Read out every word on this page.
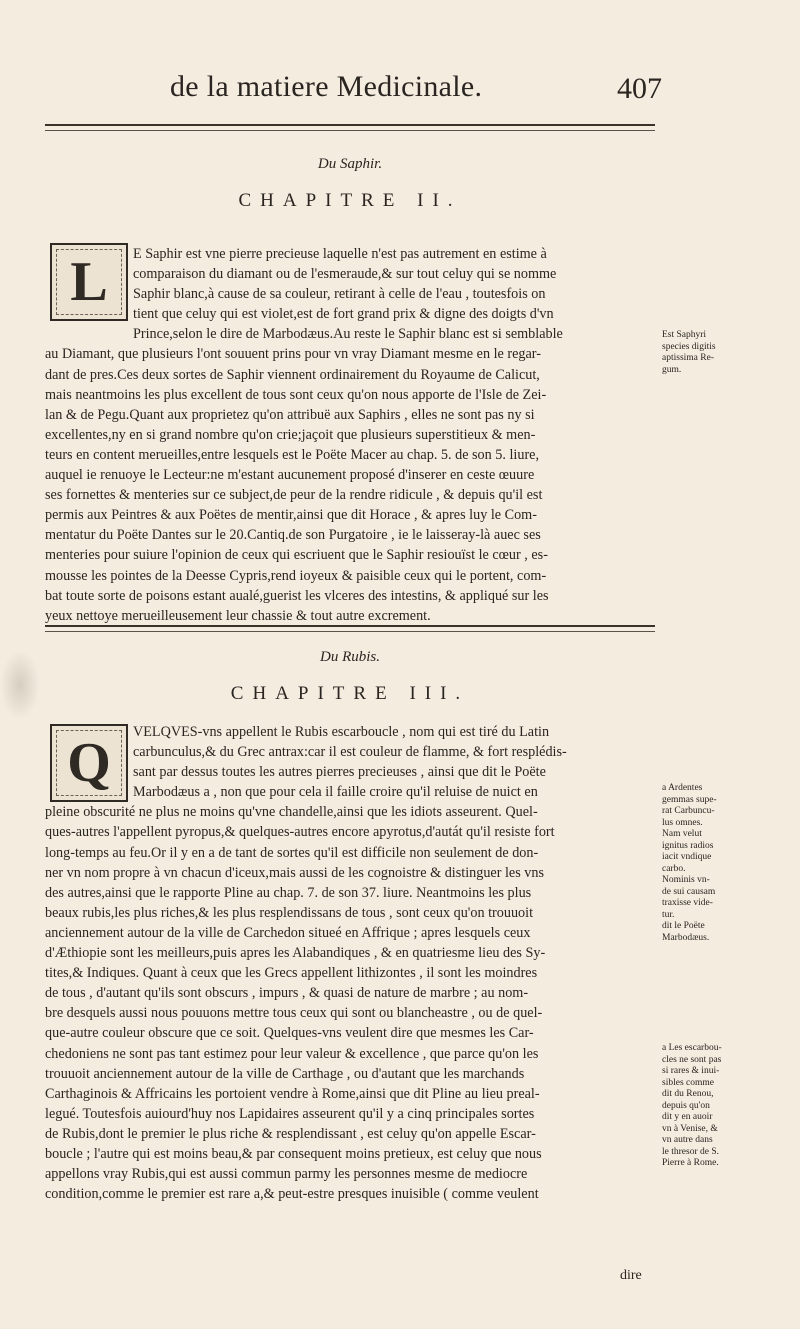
de la matiere Medicinale.	407
Du Saphir.
CHAPITRE II.
L	E Saphir est vne pierre precieuse laquelle n'est pas autrement en estime à
comparaison du diamant ou de l'esmeraude,& sur tout celuy qui se nomme
Saphir blanc,à cause de sa couleur, retirant à celle de l'eau , toutesfois on
tient que celuy qui est violet,est de fort grand prix & digne des doigts d'vn
Prince,selon le dire de Marbodæus.Au reste le Saphir blanc est si semblable
au Diamant, que plusieurs l'ont souuent prins pour vn vray Diamant mesme en le regar-
dant de pres.Ces deux sortes de Saphir viennent ordinairement du Royaume de Calicut,
mais neantmoins les plus excellent de tous sont ceux qu'on nous apporte de l'Isle de Zei-
lan & de Pegu.Quant aux proprietez qu'on attribuë aux Saphirs , elles ne sont pas ny si
excellentes,ny en si grand nombre qu'on crie;jaçoit que plusieurs superstitieux & men-
teurs en content merueilles,entre lesquels est le Poëte Macer au chap. 5. de son 5. liure,
auquel ie renuoye le Lecteur:ne m'estant aucunement proposé d'inserer en ceste œuure
ses fornettes & menteries sur ce subject,de peur de la rendre ridicule , & depuis qu'il est
permis aux Peintres & aux Poëtes de mentir,ainsi que dit Horace , & apres luy le Com-
mentatur du Poëte Dantes sur le 20.Cantiq.de son Purgatoire , ie le laisseray-là auec ses
menteries pour suiure l'opinion de ceux qui escriuent que le Saphir resiouïst le cœur , es-
mousse les pointes de la Deesse Cypris,rend ioyeux & paisible ceux qui le portent, com-
bat toute sorte de poisons estant aualé,guerist les vlceres des intestins, & appliqué sur les
yeux nettoye merueilleusement leur chassie & tout autre excrement.
Est Saphyri
species digitis
aptissima Re-
gum.
Du Rubis.
CHAPITRE III.
Q	VELQVES-vns appellent le Rubis escarboucle , nom qui est tiré du Latin
carbunculus,& du Grec antrax:car il est couleur de flamme, & fort resplédis-
sant par dessus toutes les autres pierres precieuses , ainsi que dit le Poëte
Marbodæus a , non que pour cela il faille croire qu'il reluise de nuict en
pleine obscurité ne plus ne moins qu'vne chandelle,ainsi que les idiots asseurent. Quel-
ques-autres l'appellent pyropus,& quelques-autres encore apyrotus,d'autát qu'il resiste fort
long-temps au feu.Or il y en a de tant de sortes qu'il est difficile non seulement de don-
ner vn nom propre à vn chacun d'iceux,mais aussi de les cognoistre & distinguer les vns
des autres,ainsi que le rapporte Pline au chap. 7. de son 37. liure. Neantmoins les plus
beaux rubis,les plus riches,& les plus resplendissans de tous , sont ceux qu'on trouuoit
anciennement autour de la ville de Carchedon situeé en Affrique ; apres lesquels ceux
d'Æthiopie sont les meilleurs,puis apres les Alabandiques , & en quatriesme lieu des Sy-
tites,& Indiques. Quant à ceux que les Grecs appellent lithizontes , il sont les moindres
de tous , d'autant qu'ils sont obscurs , impurs , & quasi de nature de marbre ; au nom-
bre desquels aussi nous pouuons mettre tous ceux qui sont ou blancheastre , ou de quel-
que-autre couleur obscure que ce soit. Quelques-vns veulent dire que mesmes les Car-
chedoniens ne sont pas tant estimez pour leur valeur & excellence , que parce qu'on les
trouuoit anciennement autour de la ville de Carthage , ou d'autant que les marchands
Carthaginois & Affricains les portoient vendre à Rome,ainsi que dit Pline au lieu preal-
legué. Toutesfois auiourd'huy nos Lapidaires asseurent qu'il y a cinq principales sortes
de Rubis,dont le premier le plus riche & resplendissant , est celuy qu'on appelle Escar-
boucle ; l'autre qui est moins beau,& par consequent moins pretieux, est celuy que nous
appellons vray Rubis,qui est aussi commun parmy les personnes mesme de mediocre
condition,comme le premier est rare a,& peut-estre presques inuisible ( comme veulent
a Ardentes
gemmas supe-
rat Carbuncu-
lus omnes.
Nam velut
ignitus radios
iacit vndique
carbo.
Nominis vn-
de sui causam
traxisse vide-
tur.
dit le Poëte
Marbodæus.
a Les escarbou-
cles ne sont pas
si rares & inui-
sibles comme
dit du Renou,
depuis qu'on
dit y en auoir
vn à Venise, &
vn autre dans
le thresor de S.
Pierre à Rome.
dire
